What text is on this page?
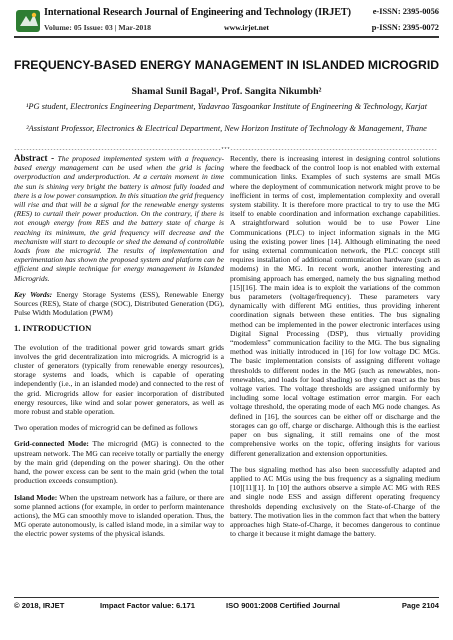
International Research Journal of Engineering and Technology (IRJET)	e-ISSN: 2395-0056
Volume: 05 Issue: 03 | Mar-2018	www.irjet.net	p-ISSN: 2395-0072
FREQUENCY-BASED ENERGY MANAGEMENT IN ISLANDED MICROGRID
Shamal Sunil Bagal¹, Prof. Sangita Nikumbh²
¹PG student, Electronics Engineering Department, Yadavrao Tasgoankar Institute of Engineering & Technology, Karjat
²Assistant Professor, Electronics & Electrical Department, New Horizon Institute of Technology & Management, Thane
---------------------------------------------------------------------***---------------------------------------------------------------------

Abstract - The proposed implemented system with a frequency-based energy management can be used when the grid is facing overproduction and underproduction. At a certain moment in time the sun is shining very bright the battery is almost fully loaded and there is a low power consumption. In this situation the grid frequency will rise and that will be a signal for the renewable energy systems (RES) to curtail their power production. On the contrary, if there is not enough energy from RES and the battery state of charge is reaching its minimum, the grid frequency will decrease and the mechanism will start to decouple or shed the demand of controllable loads from the microgrid. The results of implementation and experimentation has shown the proposed system and platform can be efficient and simple technique for energy management in Islanded Microgrids.

Key Words: Energy Storage Systems (ESS), Renewable Energy Sources (RES), State of charge (SOC), Distributed Generation (DG), Pulse Width Modulation (PWM)

1. INTRODUCTION

The evolution of the traditional power grid towards smart grids involves the grid decentralization into microgrids. A microgrid is a cluster of generators (typically from renewable energy resources), storage systems and loads, which is capable of operating independently (i.e., in an islanded mode) and connected to the rest of the grid. Microgrids allow for easier incorporation of distributed energy resources, like wind and solar power generators, as well as more robust and stable operation.

Two operation modes of microgrid can be defined as follows

Grid-connected Mode: The microgrid (MG) is connected to the upstream network. The MG can receive totally or partially the energy by the main grid (depending on the power sharing). On the other hand, the power excess can be sent to the main grid (when the total production exceeds consumption).

Island Mode: When the upstream network has a failure, or there are some planned actions (for example, in order to perform maintenance actions), the MG can smoothly move to islanded operation. Thus, the MG operate autonomously, is called island mode, in a similar way to the electric power systems of the physical islands.

Recently, there is increasing interest in designing control solutions where the feedback of the control loop is not enabled with external communication links. Examples of such systems are small MGs where the deployment of communication network might prove to be inefficient in terms of cost, implementation complexity and overall system stability. It is therefore more practical to try to use the MG itself to enable coordination and information exchange capabilities. A straightforward solution would be to use Power Line Communications (PLC) to inject information signals in the MG using the existing power lines [14]. Although eliminating the need for using external communication network, the PLC concept still requires installation of additional communication hardware (such as modems) in the MG. In recent work, another interesting and promising approach has emerged, namely the bus signaling method [15][16]. The main idea is to exploit the variations of the common bus parameters (voltage/frequency). These parameters vary dynamically with different MG entities, thus providing inherent coordination signals between these entities. The bus signaling method can be implemented in the power electronic interfaces using Digital Signal Processing (DSP), thus virtually providing “modemless” communication facility to the MG. The bus signaling method was initially introduced in [16] for low voltage DC MGs. The basic implementation consists of assigning different voltage thresholds to different nodes in the MG (such as renewables, non-renewables, and loads for load shading) so they can react as the bus voltage varies. The voltage thresholds are assigned uniformly by including some local voltage estimation error margin. For each voltage threshold, the operating mode of each MG node changes. As defined in [16], the sources can be either off or discharge and the storages can go off, charge or discharge. Although this is the earliest paper on bus signaling, it still remains one of the most comprehensive works on the topic, offering insights for various different generalization and extension opportunities.

The bus signaling method has also been successfully adapted and applied to AC MGs using the bus frequency as a signaling medium [10][11][1]. In [10] the authors observe a simple AC MG with RES and single node ESS and assign different operating frequency thresholds depending exclusively on the State-of-Charge of the battery. The motivation lies in the common fact that when the battery approaches high State-of-Charge, it becomes dangerous to continue to charge it because it might damage the battery.

© 2018, IRJET	Impact Factor value: 6.171	ISO 9001:2008 Certified Journal	Page 2104
